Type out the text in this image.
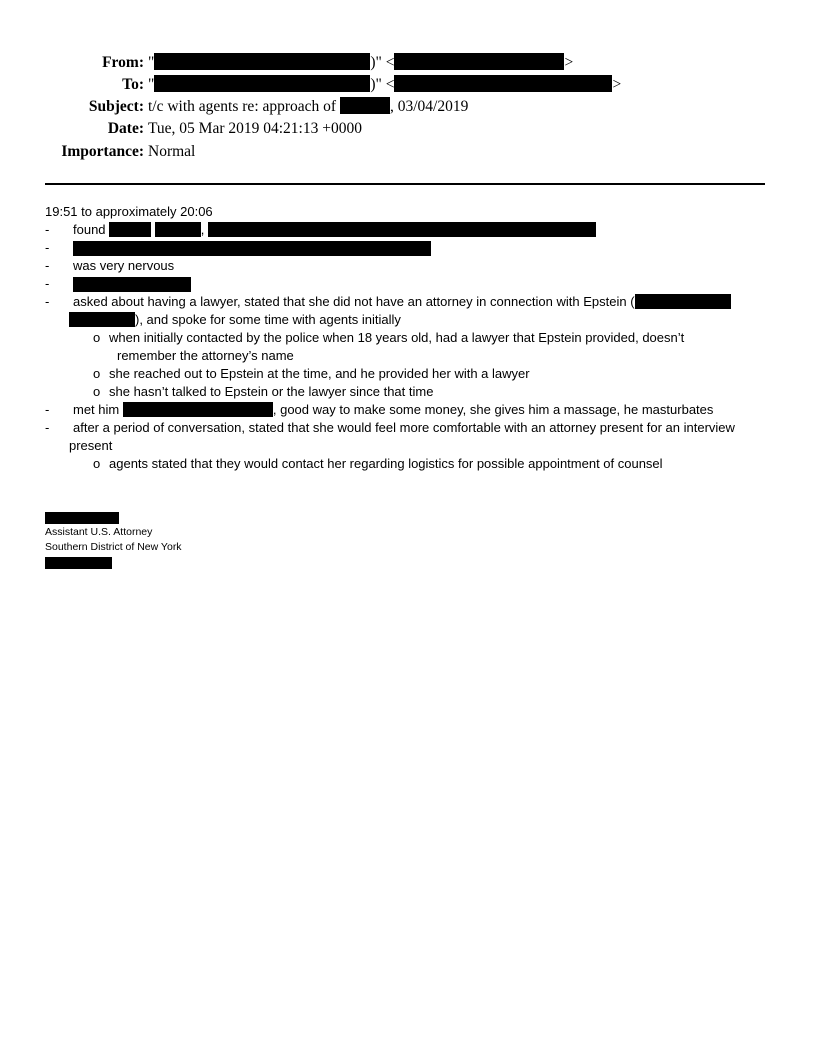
From: "	)" <	>
To: "	)" <	>
Subject: t/c with agents re: approach of	, 03/04/2019
Date: Tue, 05 Mar 2019 04:21:13 +0000
Importance: Normal
19:51 to approximately 20:06
- found	,
-
- was very nervous
-
- asked about having a lawyer, stated that she did not have an attorney in connection with Epstein (
), and spoke for some time with agents initially
o when initially contacted by the police when 18 years old, had a lawyer that Epstein provided, doesn’t
remember the attorney’s name
o she reached out to Epstein at the time, and he provided her with a lawyer
o she hasn’t talked to Epstein or the lawyer since that time
- met him	, good way to make some money, she gives him a massage, he masturbates
- after a period of conversation, stated that she would feel more comfortable with an attorney present for an interview
present
o agents stated that they would contact her regarding logistics for possible appointment of counsel
Assistant U.S. Attorney
Southern District of New York
